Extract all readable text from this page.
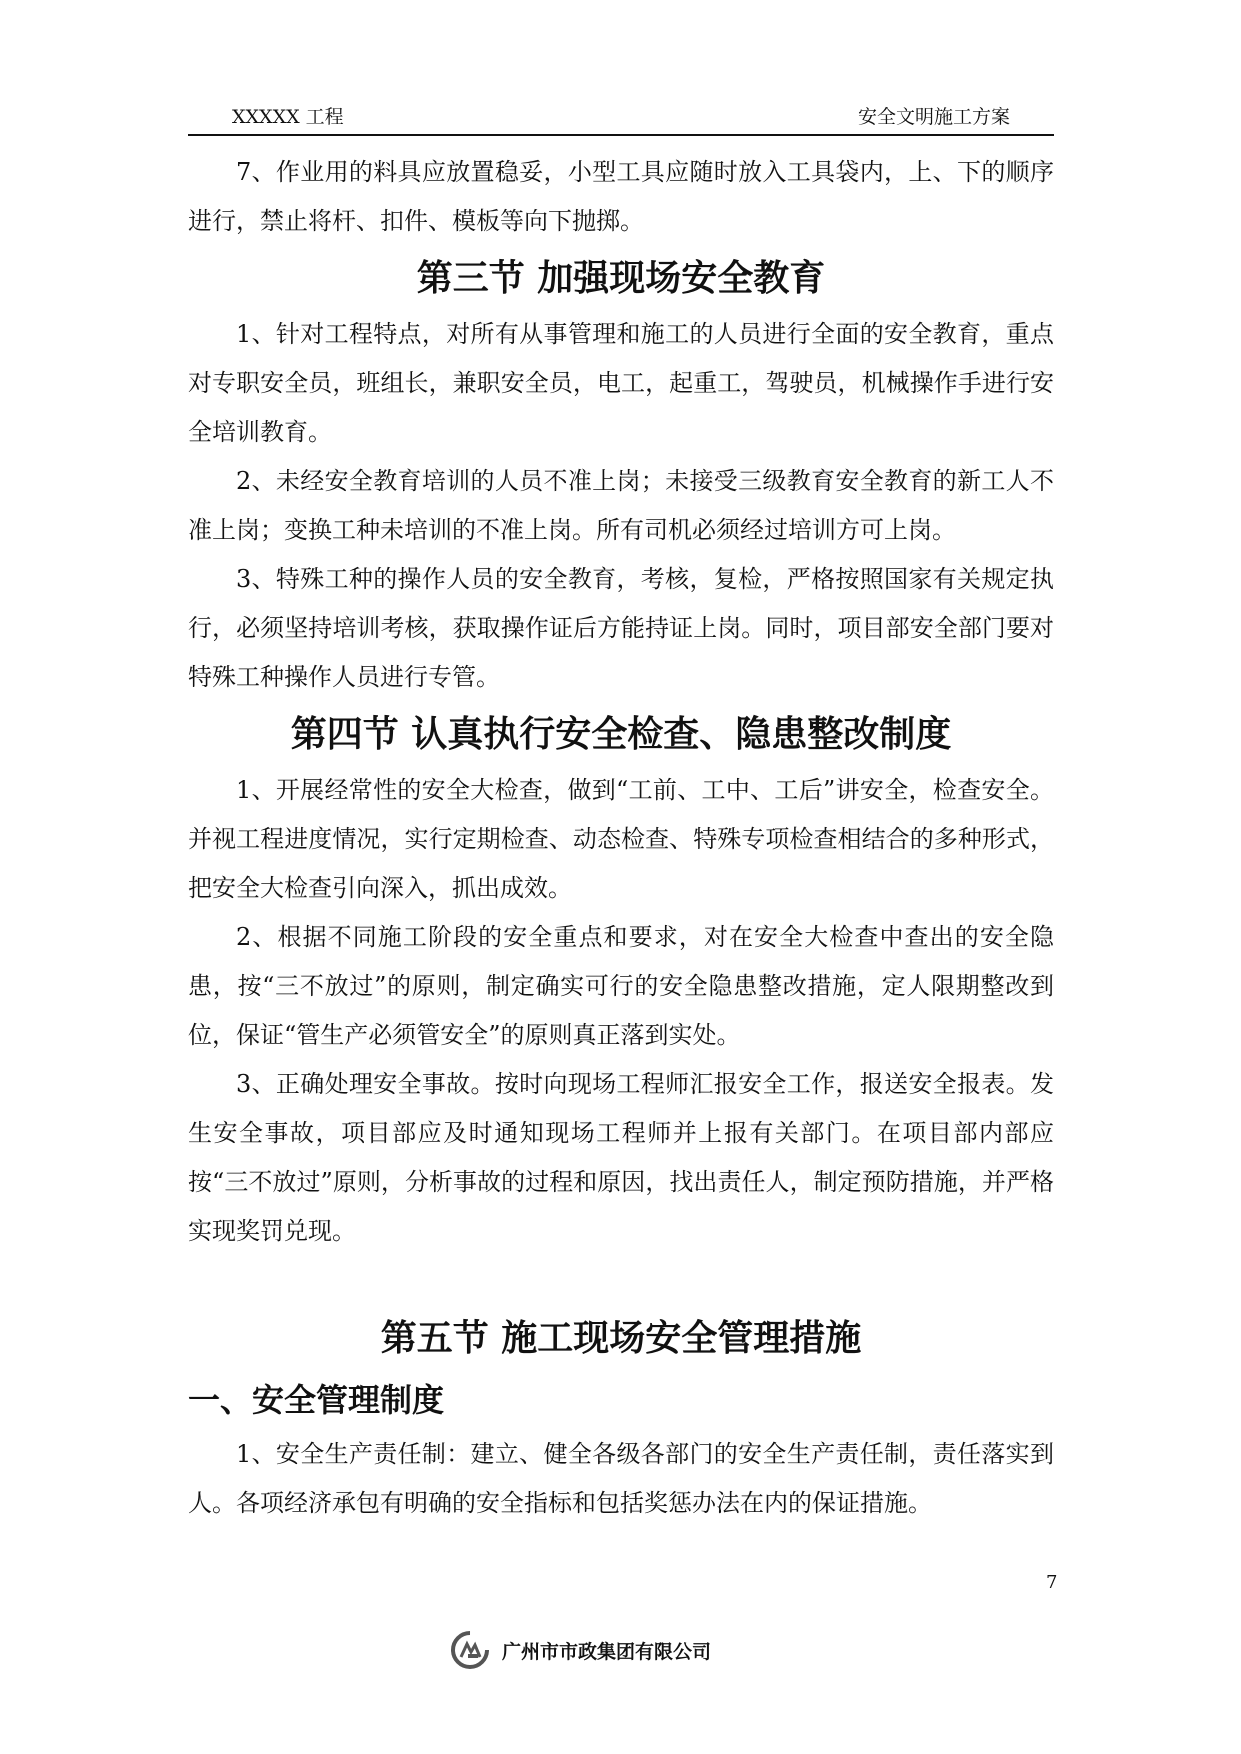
XXXXX 工程	安全文明施工方案

7、作业用的料具应放置稳妥，小型工具应随时放入工具袋内，上、下的顺序进行，禁止将杆、扣件、模板等向下抛掷。

第三节 加强现场安全教育

1、针对工程特点，对所有从事管理和施工的人员进行全面的安全教育，重点对专职安全员，班组长，兼职安全员，电工，起重工，驾驶员，机械操作手进行安全培训教育。

2、未经安全教育培训的人员不准上岗；未接受三级教育安全教育的新工人不准上岗；变换工种未培训的不准上岗。所有司机必须经过培训方可上岗。

3、特殊工种的操作人员的安全教育，考核，复检，严格按照国家有关规定执行，必须坚持培训考核，获取操作证后方能持证上岗。同时，项目部安全部门要对特殊工种操作人员进行专管。

第四节 认真执行安全检查、隐患整改制度

1、开展经常性的安全大检查，做到“工前、工中、工后”讲安全，检查安全。并视工程进度情况，实行定期检查、动态检查、特殊专项检查相结合的多种形式，把安全大检查引向深入，抓出成效。

2、根据不同施工阶段的安全重点和要求，对在安全大检查中查出的安全隐患，按“三不放过”的原则，制定确实可行的安全隐患整改措施，定人限期整改到位，保证“管生产必须管安全”的原则真正落到实处。

3、正确处理安全事故。按时向现场工程师汇报安全工作，报送安全报表。发生安全事故，项目部应及时通知现场工程师并上报有关部门。在项目部内部应按“三不放过”原则，分析事故的过程和原因，找出责任人，制定预防措施，并严格实现奖罚兑现。

第五节 施工现场安全管理措施
一、安全管理制度

1、安全生产责任制：建立、健全各级各部门的安全生产责任制，责任落实到人。各项经济承包有明确的安全指标和包括奖惩办法在内的保证措施。

7
广州市市政集团有限公司
